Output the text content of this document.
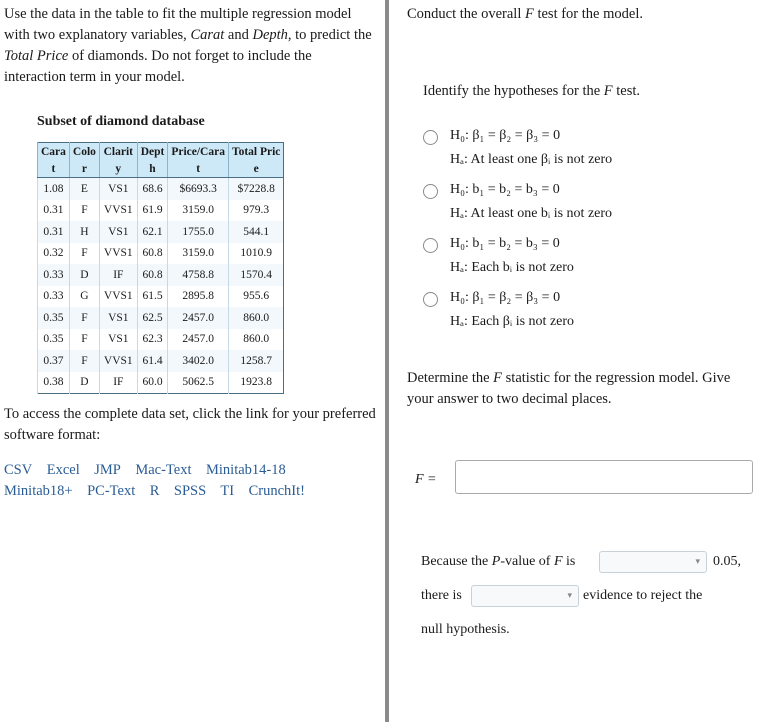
Use the data in the table to fit the multiple regression model with two explanatory variables, Carat and Depth, to predict the Total Price of diamonds. Do not forget to include the interaction term in your model.

Subset of diamond database
Cara	Colo	Clarit	Dept	Price/Cara	Total Pric
t	r	y	h	t	e
1.08	E	VS1	68.6	$6693.3	$7228.8
0.31	F	VVS1	61.9	3159.0	979.3
0.31	H	VS1	62.1	1755.0	544.1
0.32	F	VVS1	60.8	3159.0	1010.9
0.33	D	IF	60.8	4758.8	1570.4
0.33	G	VVS1	61.5	2895.8	955.6
0.35	F	VS1	62.5	2457.0	860.0
0.35	F	VS1	62.3	2457.0	860.0
0.37	F	VVS1	61.4	3402.0	1258.7
0.38	D	IF	60.0	5062.5	1923.8

To access the complete data set, click the link for your preferred software format:

CSV Excel JMP Mac-Text Minitab14-18
Minitab18+ PC-Text R SPSS TI CrunchIt!

Conduct the overall F test for the model.

Identify the hypotheses for the F test.

H₀: β₁ = β₂ = β₃ = 0
Hₐ: At least one βᵢ is not zero
H₀: b₁ = b₂ = b₃ = 0
Hₐ: At least one bᵢ is not zero
H₀: b₁ = b₂ = b₃ = 0
Hₐ: Each bᵢ is not zero
H₀: β₁ = β₂ = β₃ = 0
Hₐ: Each βᵢ is not zero

Determine the F statistic for the regression model. Give your answer to two decimal places.

F =
Because the P-value of F is	▾ 0.05,
there is	▾ evidence to reject the
null hypothesis.
